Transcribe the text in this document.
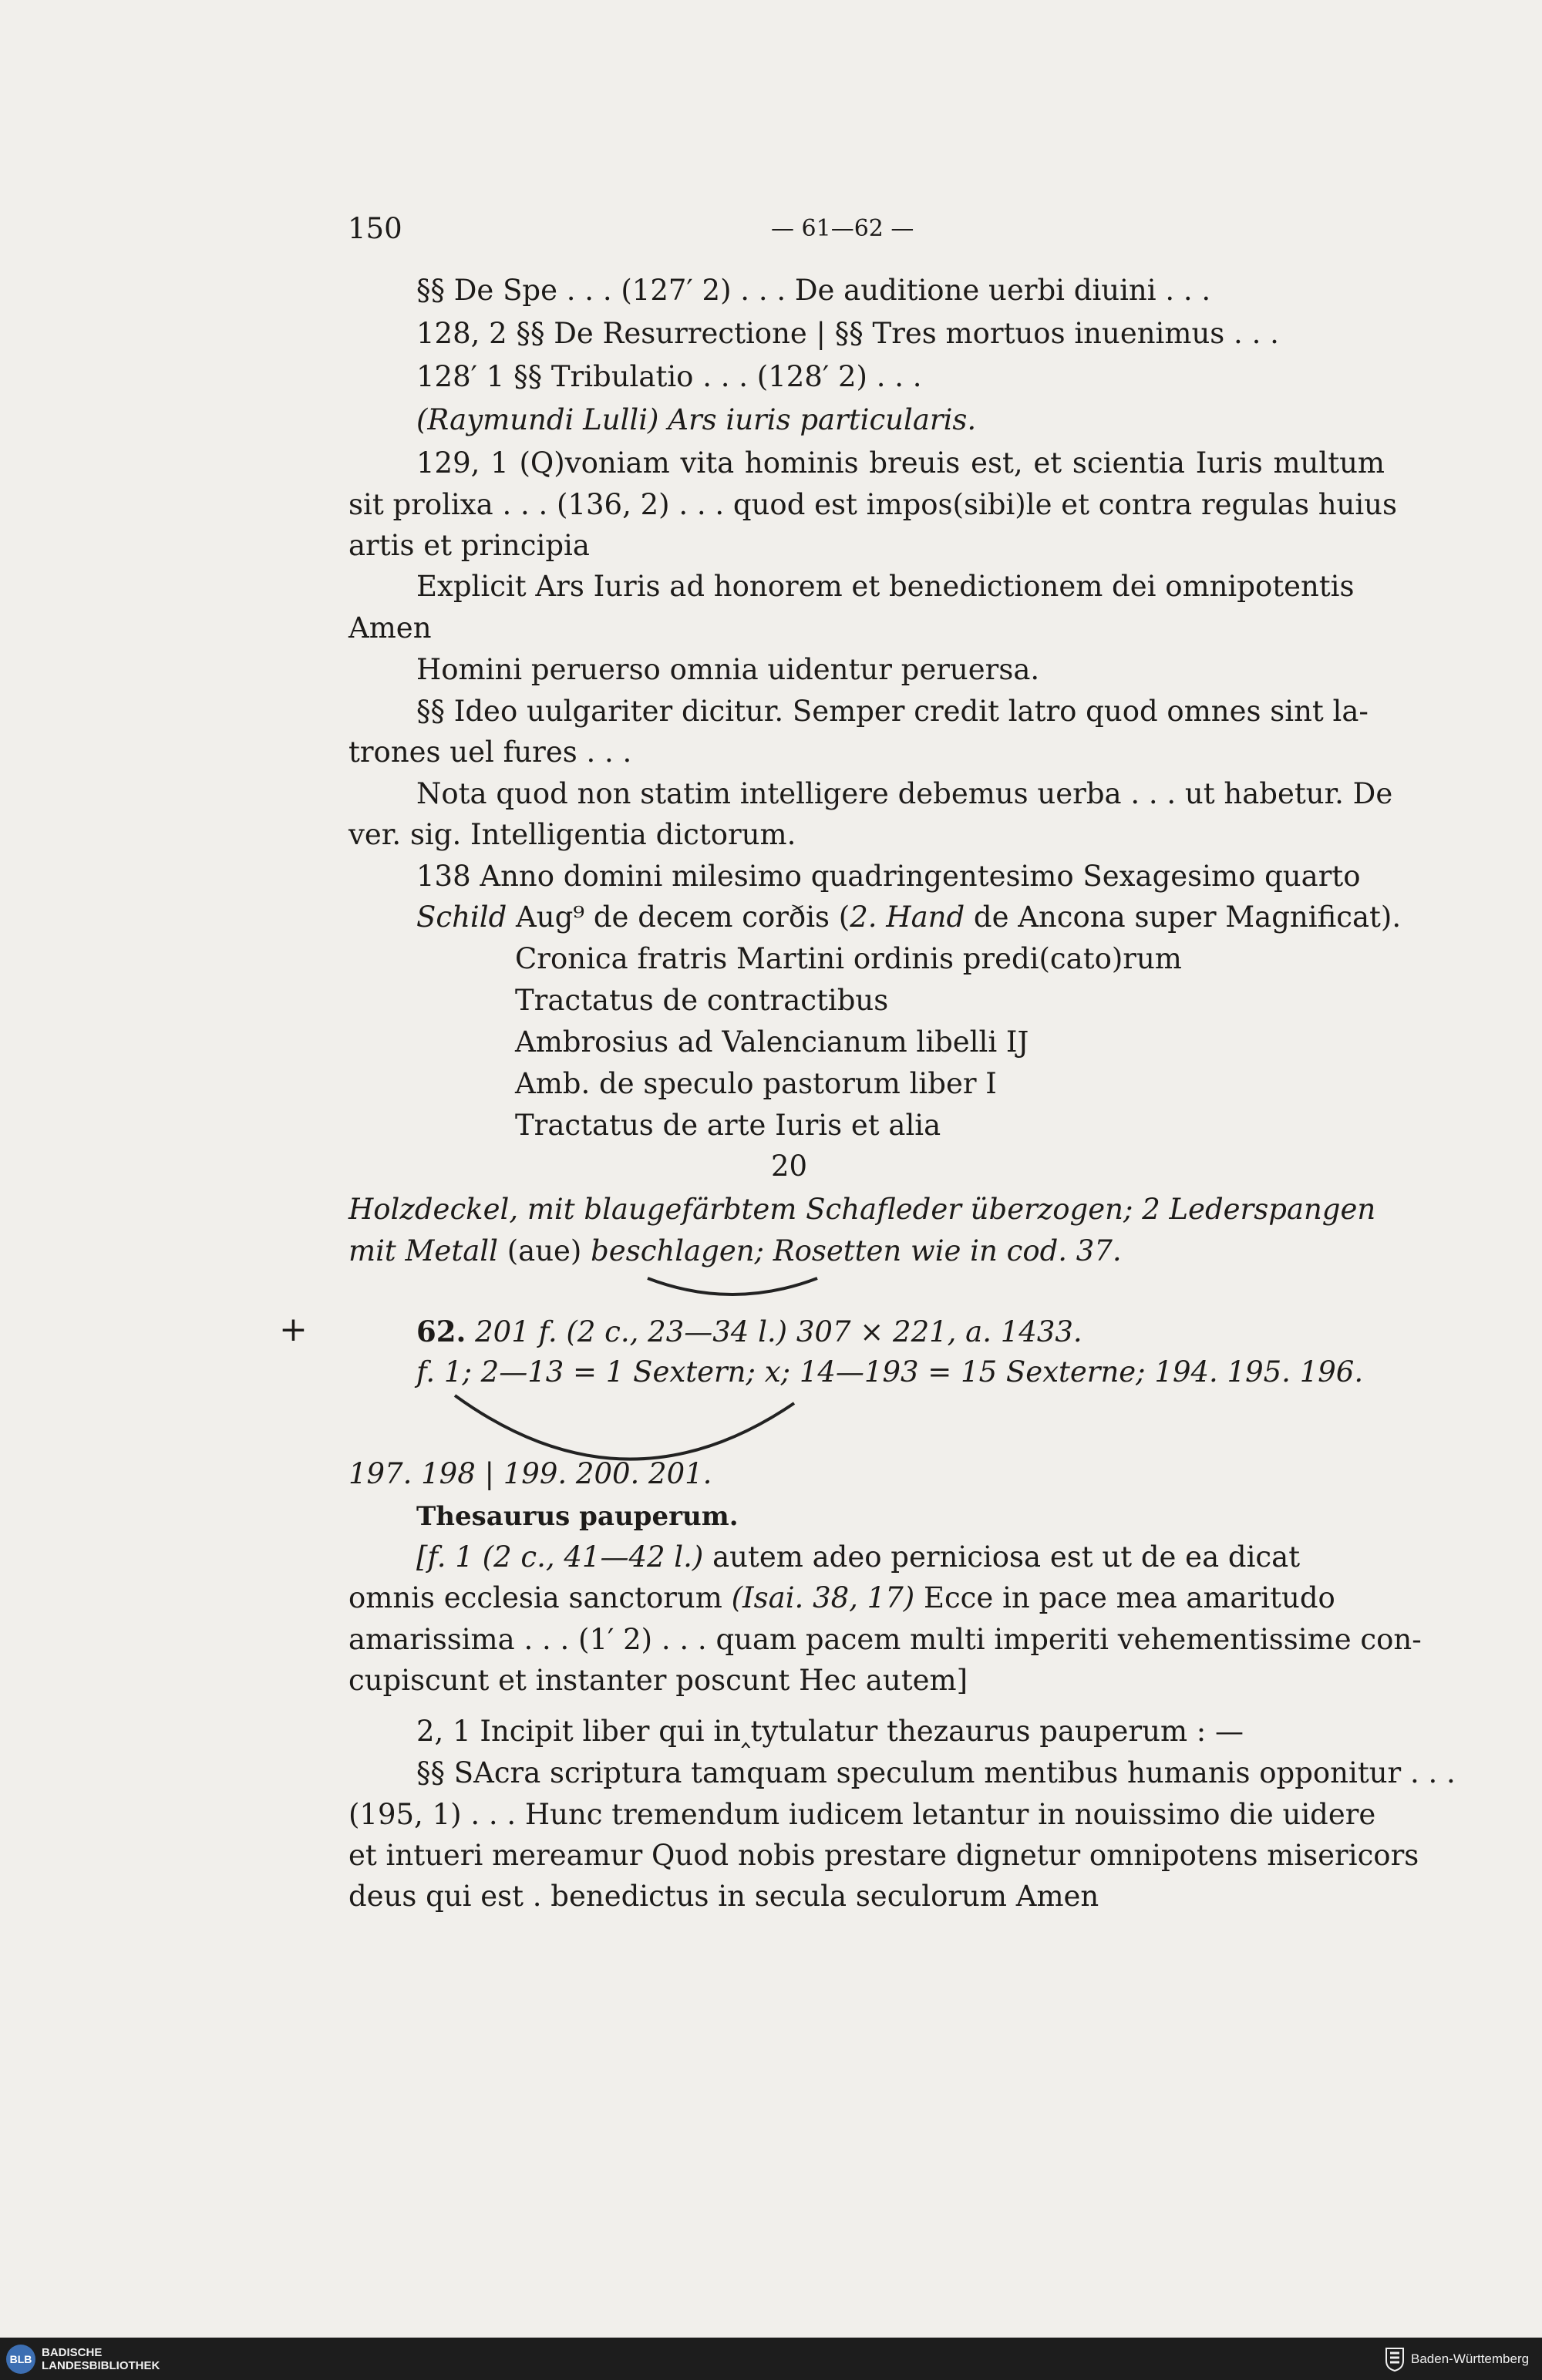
150	— 61—62 —
§§ De Spe . . . (127′ 2) . . . De auditione uerbi diuini . . .
128, 2 §§ De Resurrectione | §§ Tres mortuos inuenimus . . .
128′ 1 §§ Tribulatio . . . (128′ 2) . . .
(Raymundi Lulli) Ars iuris particularis.
129, 1 (Q)voniam vita hominis breuis est, et scientia Iuris multum
sit prolixa . . . (136, 2) . . . quod est impos(sibi)le et contra regulas huius
artis et principia
Explicit Ars Iuris ad honorem et benedictionem dei omnipotentis
Amen
Homini peruerso omnia uidentur peruersa.
§§ Ideo uulgariter dicitur. Semper credit latro quod omnes sint la-
trones uel fures . . .
Nota quod non statim intelligere debemus uerba . . . ut habetur. De
ver. sig. Intelligentia dictorum.
138 Anno domini milesimo quadringentesimo Sexagesimo quarto
Schild Aug⁹ de decem corðis (2. Hand de Ancona super Magnificat).
Cronica fratris Martini ordinis predi(cato)rum
Tractatus de contractibus
Ambrosius ad Valencianum libelli IJ
Amb. de speculo pastorum liber I
Tractatus de arte Iuris et alia
20
Holzdeckel, mit blaugefärbtem Schafleder überzogen; 2 Lederspangen
mit Metall (aue) beschlagen; Rosetten wie in cod. 37.
+	62. 201 f. (2 c., 23—34 l.) 307 × 221, a. 1433.
f. 1; 2—13 = 1 Sextern; x; 14—193 = 15 Sexterne; 194. 195. 196.
197. 198 | 199. 200. 201.
Thesaurus pauperum.
[f. 1 (2 c., 41—42 l.) autem adeo perniciosa est ut de ea dicat
omnis ecclesia sanctorum (Isai. 38, 17) Ecce in pace mea amaritudo
amarissima . . . (1′ 2) . . . quam pacem multi imperiti vehementissime con-
cupiscunt et instanter poscunt Hec autem]
2, 1 Incipit liber qui in‸tytulatur thezaurus pauperum : —
§§ SAcra scriptura tamquam speculum mentibus humanis opponitur . . .
(195, 1) . . . Hunc tremendum iudicem letantur in nouissimo die uidere
et intueri mereamur Quod nobis prestare dignetur omnipotens misericors
deus qui est . benedictus in secula seculorum Amen
BLB BADISCHE
LANDESBIBLIOTHEK	Baden-Württemberg
